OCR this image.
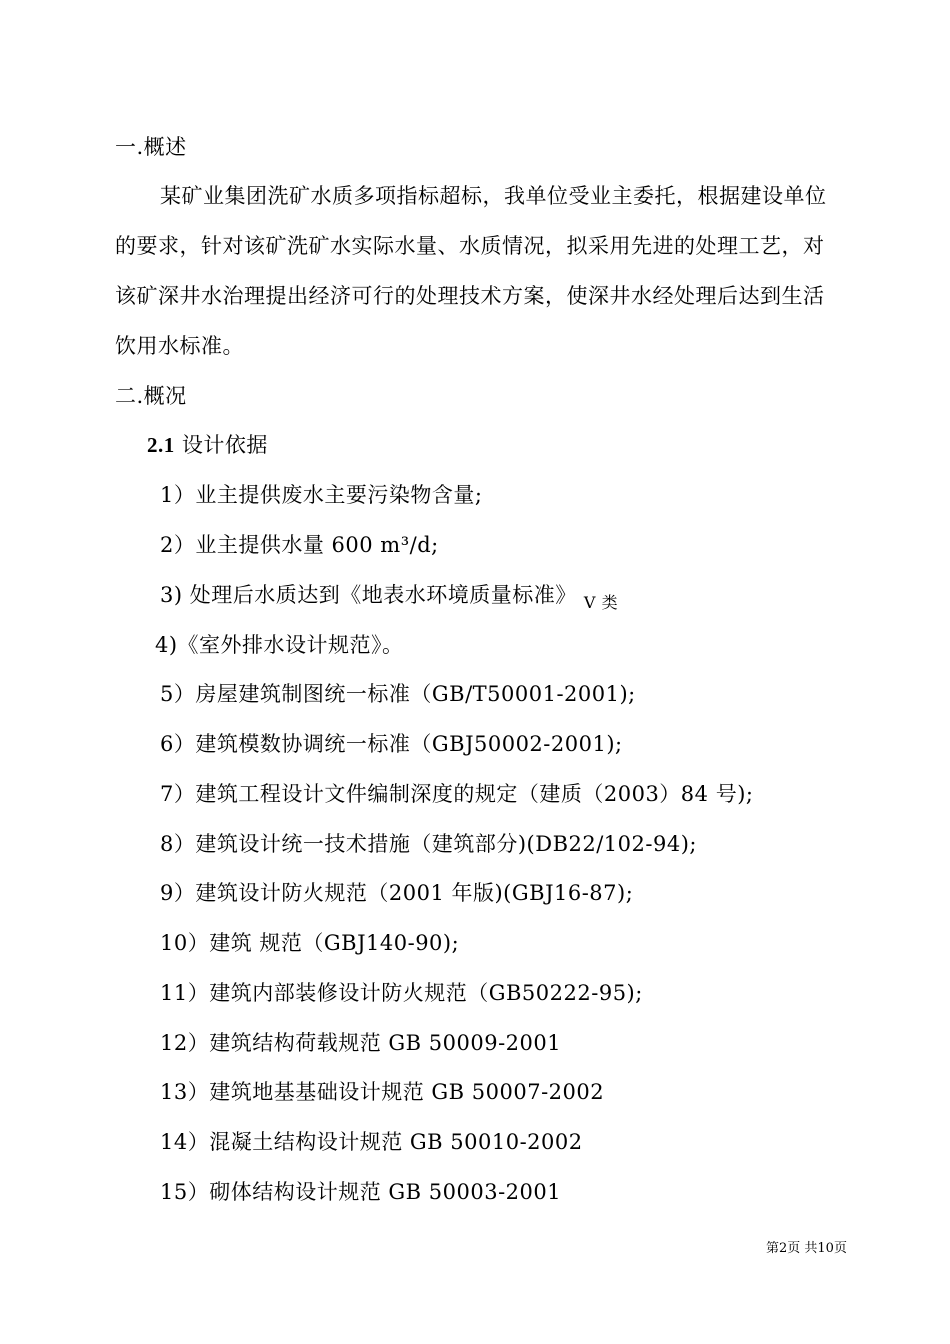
一.概述
某矿业集团洗矿水质多项指标超标，我单位受业主委托，根据建设单位
的要求，针对该矿洗矿水实际水量、水质情况，拟采用先进的处理工艺，对
该矿深井水治理提出经济可行的处理技术方案，使深井水经处理后达到生活
饮用水标准。
二.概况
2.1 设计依据
1）业主提供废水主要污染物含量;
2）业主提供水量 600 m³/d;
3) 处理后水质达到《地表水环境质量标准》 $_{V 类}$
4)《室外排水设计规范》。
5）房屋建筑制图统一标准（GB/T50001-2001);
6）建筑模数协调统一标准（GBJ50002-2001);
7）建筑工程设计文件编制深度的规定（建质（2003）84 号);
8）建筑设计统一技术措施（建筑部分)(DB22/102-94);
9）建筑设计防火规范（2001 年版)(GBJ16-87);
10）建筑 规范（GBJ140-90);
11）建筑内部装修设计防火规范（GB50222-95);
12）建筑结构荷载规范 GB 50009-2001
13）建筑地基基础设计规范 GB 50007-2002
14）混凝土结构设计规范 GB 50010-2002
15）砌体结构设计规范 GB 50003-2001
第2页 共10页
